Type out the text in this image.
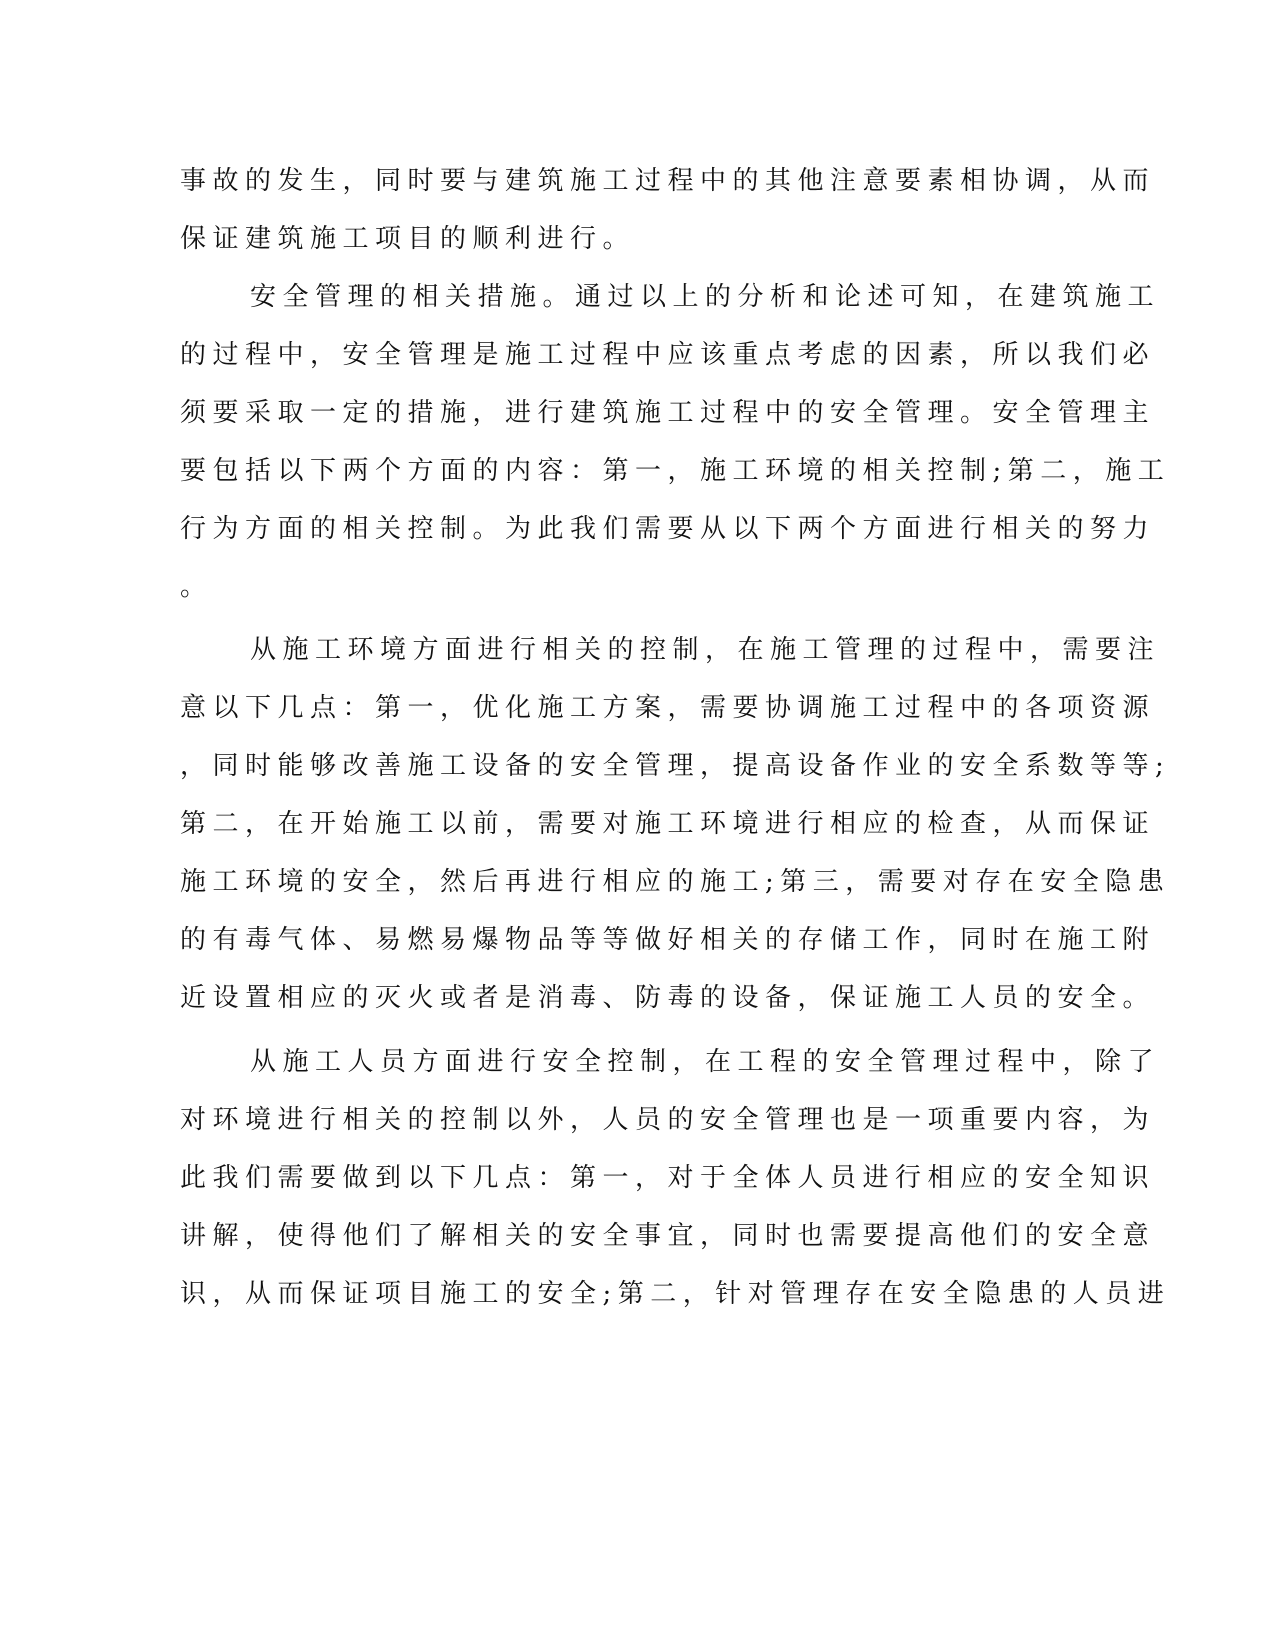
事故的发生，同时要与建筑施工过程中的其他注意要素相协调，从而

保证建筑施工项目的顺利进行。

安全管理的相关措施。通过以上的分析和论述可知，在建筑施工

的过程中，安全管理是施工过程中应该重点考虑的因素，所以我们必

须要采取一定的措施，进行建筑施工过程中的安全管理。安全管理主

要包括以下两个方面的内容：第一，施工环境的相关控制;第二，施工

行为方面的相关控制。为此我们需要从以下两个方面进行相关的努力

。

从施工环境方面进行相关的控制，在施工管理的过程中，需要注

意以下几点：第一，优化施工方案，需要协调施工过程中的各项资源

，同时能够改善施工设备的安全管理，提高设备作业的安全系数等等;

第二，在开始施工以前，需要对施工环境进行相应的检查，从而保证

施工环境的安全，然后再进行相应的施工;第三，需要对存在安全隐患

的有毒气体、易燃易爆物品等等做好相关的存储工作，同时在施工附

近设置相应的灭火或者是消毒、防毒的设备，保证施工人员的安全。

从施工人员方面进行安全控制，在工程的安全管理过程中，除了

对环境进行相关的控制以外，人员的安全管理也是一项重要内容，为

此我们需要做到以下几点：第一，对于全体人员进行相应的安全知识

讲解，使得他们了解相关的安全事宜，同时也需要提高他们的安全意

识，从而保证项目施工的安全;第二，针对管理存在安全隐患的人员进
